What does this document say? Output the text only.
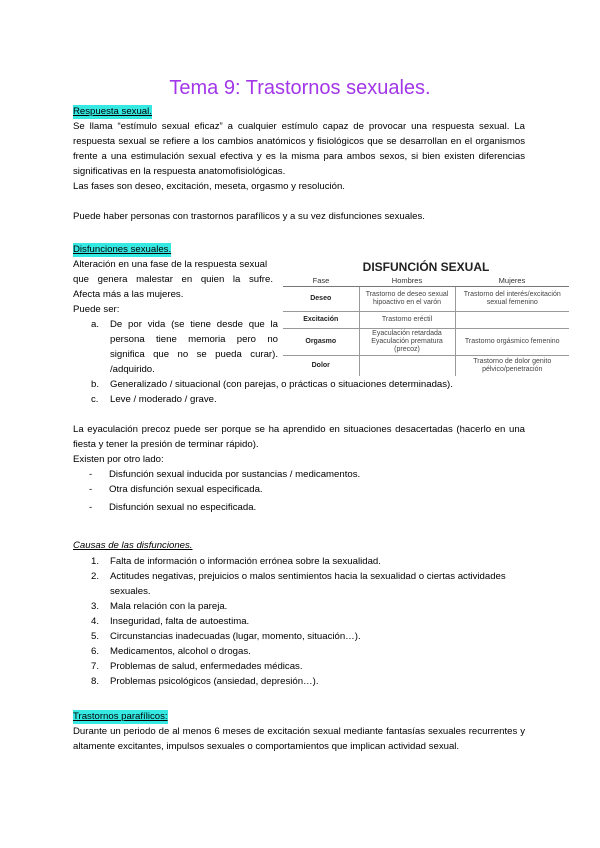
Tema 9: Trastornos sexuales.
Respuesta sexual.

Se llama “estímulo sexual eficaz” a cualquier estímulo capaz de provocar una respuesta sexual. La respuesta sexual se refiere a los cambios anatómicos y fisiológicos que se desarrollan en el organismos frente a una estimulación sexual efectiva y es la misma para ambos sexos, si bien existen diferencias significativas en la respuesta anatomofisiológicas.

Las fases son deseo, excitación, meseta, orgasmo y resolución.

Puede haber personas con trastornos parafílicos y a su vez disfunciones sexuales.

Disfunciones sexuales.
Alteración en una fase de la respuesta sexual
que genera malestar en quien la sufre.
Afecta más a las mujeres.
Puede ser:
a. De por vida (se tiene desde que la
persona tiene memoria pero no
significa que no se pueda curar).
/adquirido.
b. Generalizado / situacional (con parejas, o prácticas o situaciones determinadas).
c. Leve / moderado / grave.

La eyaculación precoz puede ser porque se ha aprendido en situaciones desacertadas (hacerlo en una fiesta y tener la presión de terminar rápido).

Existen por otro lado:
- Disfunción sexual inducida por sustancias / medicamentos.
- Otra disfunción sexual especificada.
- Disfunción sexual no especificada.
DISFUNCIÓN SEXUAL
Fase	Hombres	Mujeres
Deseo	Trastorno de deseo sexual hipoactivo en el varón	Trastorno del interés/excitación sexual femenino
Excitación	Trastorno eréctil	
Orgasmo	Eyaculación retardada Eyaculación prematura (precoz)	Trastorno orgásmico femenino
Dolor		Trastorno de dolor genito pélvico/penetración
Causas de las disfunciones.
1. Falta de información o información errónea sobre la sexualidad.
2. Actitudes negativas, prejuicios o malos sentimientos hacia la sexualidad o ciertas actividades sexuales.
3. Mala relación con la pareja.
4. Inseguridad, falta de autoestima.
5. Circunstancias inadecuadas (lugar, momento, situación…).
6. Medicamentos, alcohol o drogas.
7. Problemas de salud, enfermedades médicas.
8. Problemas psicológicos (ansiedad, depresión…).
Trastornos parafílicos:

Durante un periodo de al menos 6 meses de excitación sexual mediante fantasías sexuales recurrentes y altamente excitantes, impulsos sexuales o comportamientos que implican actividad sexual.
